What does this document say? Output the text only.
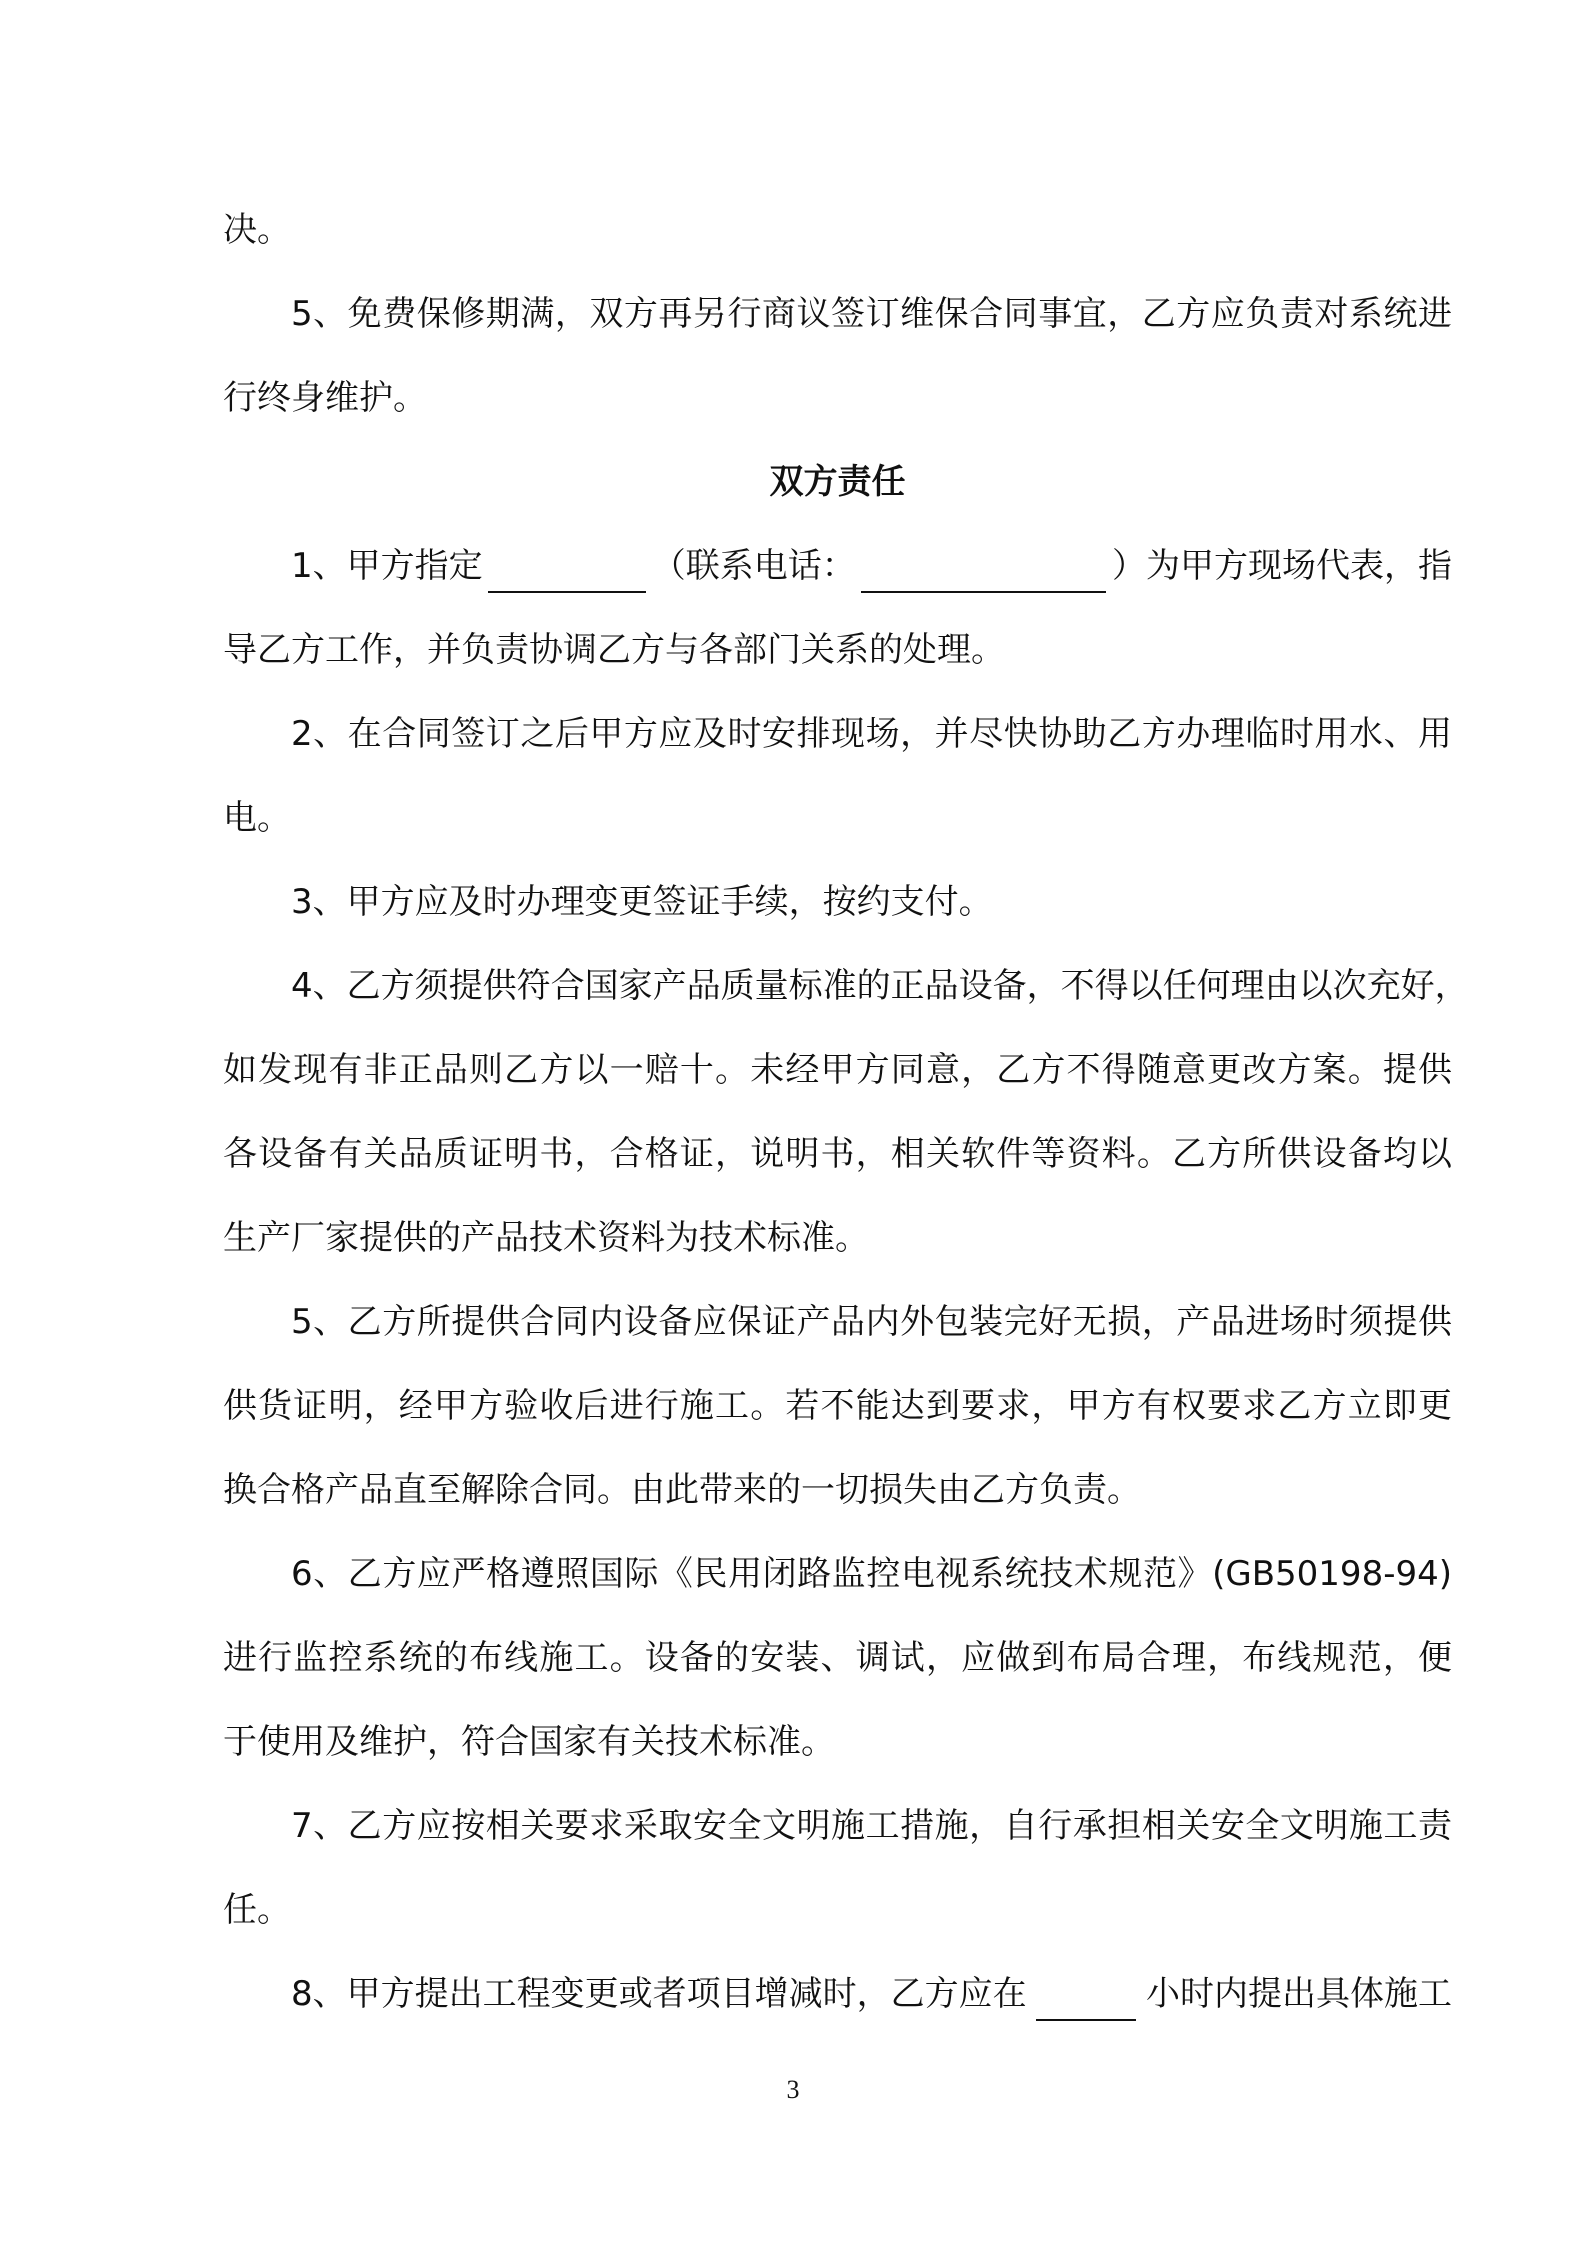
决。
5、免费保修期满，双方再另行商议签订维保合同事宜，乙方应负责对系统进
行终身维护。
双方责任
1、甲方指定	（联系电话：	）为甲方现场代表，指
导乙方工作，并负责协调乙方与各部门关系的处理。
2、在合同签订之后甲方应及时安排现场，并尽快协助乙方办理临时用水、用
电。
3、甲方应及时办理变更签证手续，按约支付。
4、乙方须提供符合国家产品质量标准的正品设备，不得以任何理由以次充好，
如发现有非正品则乙方以一赔十。未经甲方同意，乙方不得随意更改方案。提供
各设备有关品质证明书，合格证，说明书，相关软件等资料。乙方所供设备均以
生产厂家提供的产品技术资料为技术标准。
5、乙方所提供合同内设备应保证产品内外包装完好无损，产品进场时须提供
供货证明，经甲方验收后进行施工。若不能达到要求，甲方有权要求乙方立即更
换合格产品直至解除合同。由此带来的一切损失由乙方负责。
6、乙方应严格遵照国际《民用闭路监控电视系统技术规范》(GB50198-94)
进行监控系统的布线施工。设备的安装、调试，应做到布局合理，布线规范，便
于使用及维护，符合国家有关技术标准。
7、乙方应按相关要求采取安全文明施工措施，自行承担相关安全文明施工责
任。
8、甲方提出工程变更或者项目增减时，乙方应在	小时内提出具体施工
3
